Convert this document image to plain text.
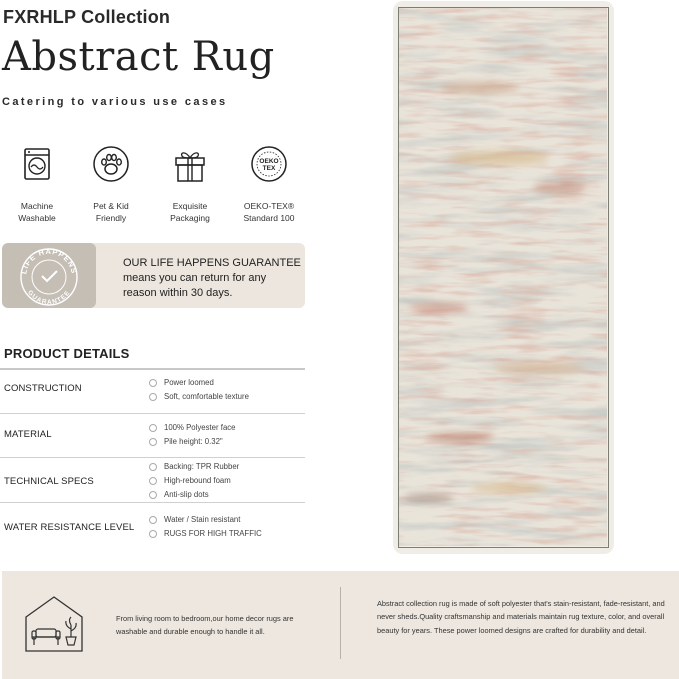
FXRHLP Collection
Abstract Rug
Catering to various use cases
Machine
Washable
Pet & Kid
Friendly
Exquisite
Packaging
OEKO
TEX
OEKO-TEX®
Standard 100
LIFE HAPPENS
GUARANTEE
OUR LIFE HAPPENS GUARANTEE
means you can return for any
reason within 30 days.
PRODUCT DETAILS
CONSTRUCTION
Power loomed
Soft, comfortable texture
MATERIAL
100% Polyester face
Pile height: 0.32"
TECHNICAL SPECS
Backing: TPR Rubber
High-rebound foam
Anti-slip dots
WATER RESISTANCE LEVEL
Water / Stain resistant
RUGS FOR HIGH TRAFFIC
From living room to bedroom,our home decor rugs are washable and durable enough to handle it all.
Abstract collection rug is made of soft polyester that's stain-resistant, fade-resistant, and never sheds.Quality craftsmanship and materials maintain rug texture, color, and overall beauty for years. These power loomed designs are crafted for durability and detail.
